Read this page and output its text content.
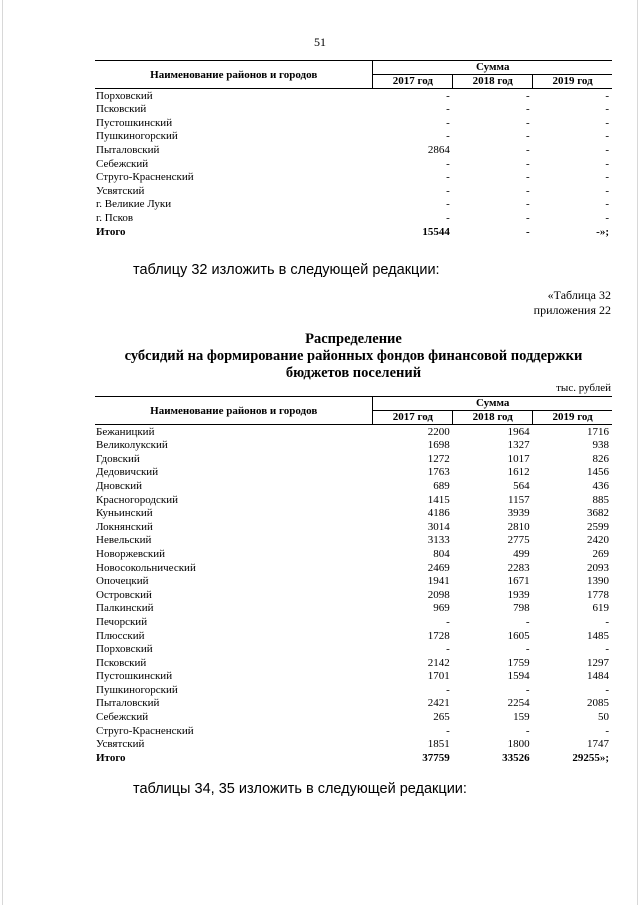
51
Наименование районов и городов	Сумма		
	2017 год	2018 год	2019 год
Порховский	-	-	-
Псковский	-	-	-
Пустошкинский	-	-	-
Пушкиногорский	-	-	-
Пыталовский	2864	-	-
Себежский	-	-	-
Струго-Красненский	-	-	-
Усвятский	-	-	-
г. Великие Луки	-	-	-
г. Псков	-	-	-
Итого	15544	-	-»;
таблицу 32 изложить в следующей редакции:
«Таблица 32
приложения 22
Распределение
субсидий на формирование районных фондов финансовой поддержки
бюджетов поселений
тыс. рублей
Наименование районов и городов	Сумма		
	2017 год	2018 год	2019 год
Бежаницкий	2200	1964	1716
Великолукский	1698	1327	938
Гдовский	1272	1017	826
Дедовичский	1763	1612	1456
Дновский	689	564	436
Красногородский	1415	1157	885
Куньинский	4186	3939	3682
Локнянский	3014	2810	2599
Невельский	3133	2775	2420
Новоржевский	804	499	269
Новосокольнический	2469	2283	2093
Опочецкий	1941	1671	1390
Островский	2098	1939	1778
Палкинский	969	798	619
Печорский	-	-	-
Плюсский	1728	1605	1485
Порховский	-	-	-
Псковский	2142	1759	1297
Пустошкинский	1701	1594	1484
Пушкиногорский	-	-	-
Пыталовский	2421	2254	2085
Себежский	265	159	50
Струго-Красненский	-	-	-
Усвятский	1851	1800	1747
Итого	37759	33526	29255»;
таблицы 34, 35 изложить в следующей редакции:
